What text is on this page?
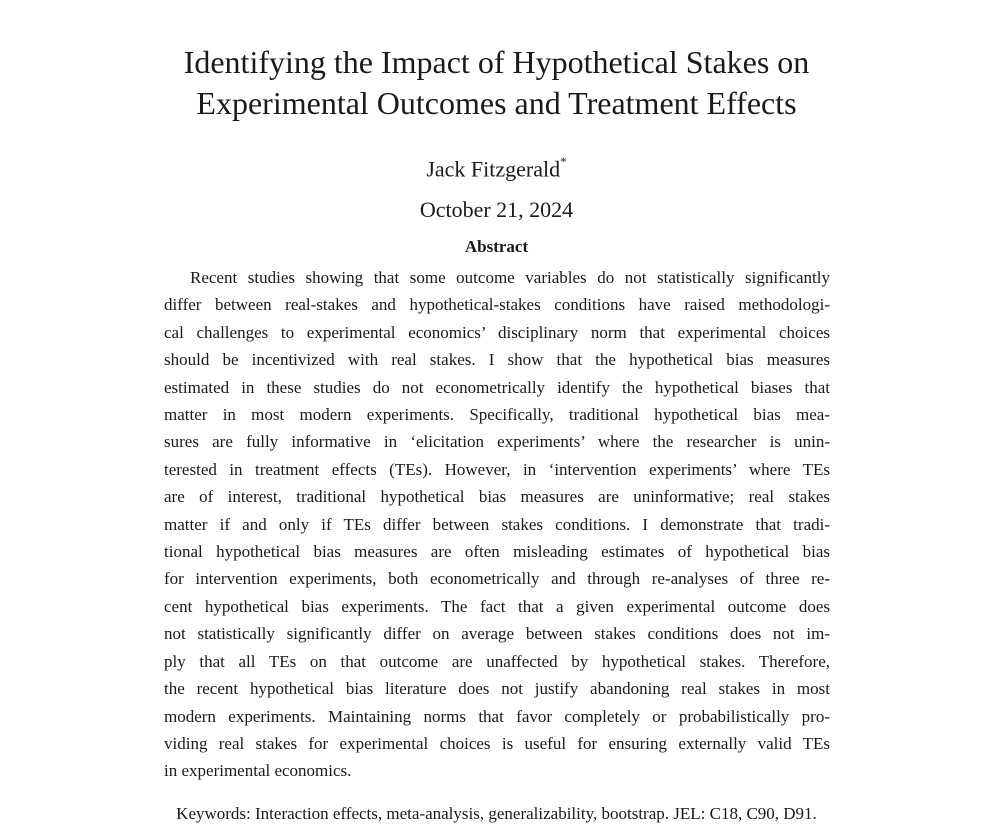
Identifying the Impact of Hypothetical Stakes on
Experimental Outcomes and Treatment Effects
Jack Fitzgerald*
October 21, 2024
Abstract
Recent studies showing that some outcome variables do not statistically significantly
differ between real-stakes and hypothetical-stakes conditions have raised methodologi-
cal challenges to experimental economics’ disciplinary norm that experimental choices
should be incentivized with real stakes. I show that the hypothetical bias measures
estimated in these studies do not econometrically identify the hypothetical biases that
matter in most modern experiments. Specifically, traditional hypothetical bias mea-
sures are fully informative in ‘elicitation experiments’ where the researcher is unin-
terested in treatment effects (TEs). However, in ‘intervention experiments’ where TEs
are of interest, traditional hypothetical bias measures are uninformative; real stakes
matter if and only if TEs differ between stakes conditions. I demonstrate that tradi-
tional hypothetical bias measures are often misleading estimates of hypothetical bias
for intervention experiments, both econometrically and through re-analyses of three re-
cent hypothetical bias experiments. The fact that a given experimental outcome does
not statistically significantly differ on average between stakes conditions does not im-
ply that all TEs on that outcome are unaffected by hypothetical stakes. Therefore,
the recent hypothetical bias literature does not justify abandoning real stakes in most
modern experiments. Maintaining norms that favor completely or probabilistically pro-
viding real stakes for experimental choices is useful for ensuring externally valid TEs
in experimental economics.
Keywords: Interaction effects, meta-analysis, generalizability, bootstrap. JEL: C18, C90, D91.
